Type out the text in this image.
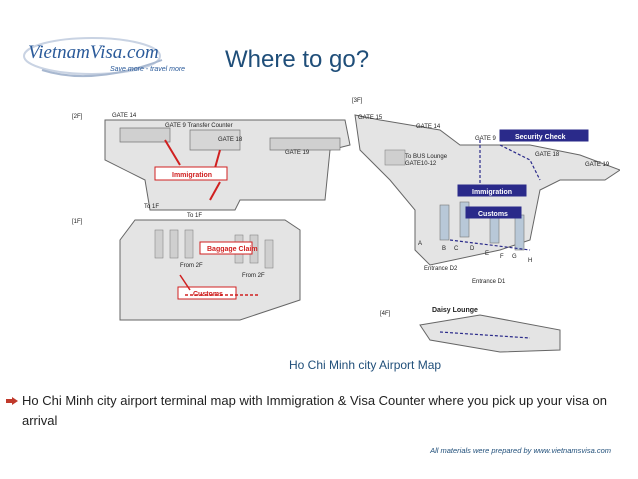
VietnamVisa.com
Save more - travel more Where to go?
[2F]	GATE 14
GATE 9 Transfer Counter
GATE 18
GATE 19
Immigration
To 1F
To 1F
[1F]
Baggage Claim
From 2F
From 2F
Customs
[3F]
GATE 15
GATE 14
GATE 9	Security Check
GATE 18
GATE 19
To BUS Lounge
GATE10-12
Immigration
Customs
A
B C D
E F G
H
Entrance D2
Entrance D1
[4F]	Daisy Lounge
Ho Chi Minh city Airport Map
Ho Chi Minh city airport terminal map with Immigration & Visa Counter where you pick up your visa on arrival
All materials were prepared by www.vietnamsvisa.com
